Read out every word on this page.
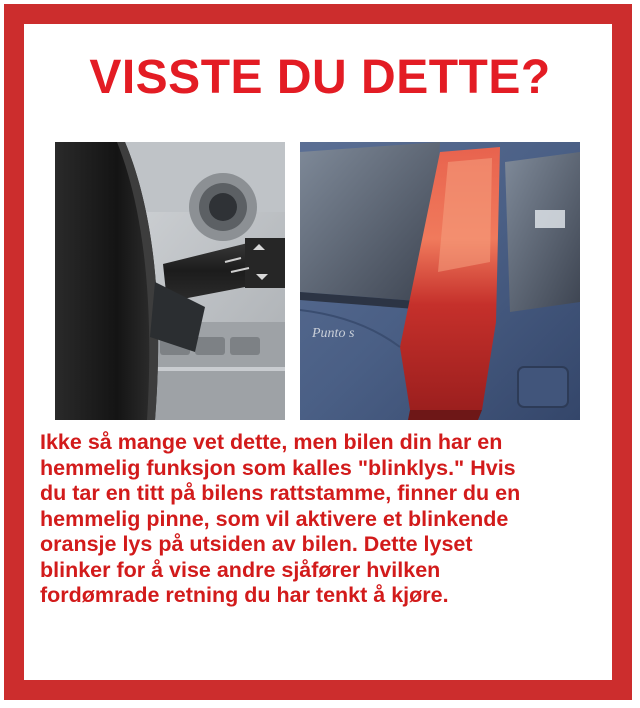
VISSTE DU DETTE?
Punto s
Ikke så mange vet dette, men bilen din har en
hemmelig funksjon som kalles "blinklys." Hvis
du tar en titt på bilens rattstamme, finner du en
hemmelig pinne, som vil aktivere et blinkende
oransje lys på utsiden av bilen. Dette lyset
blinker for å vise andre sjåfører hvilken
fordømrade retning du har tenkt å kjøre.
